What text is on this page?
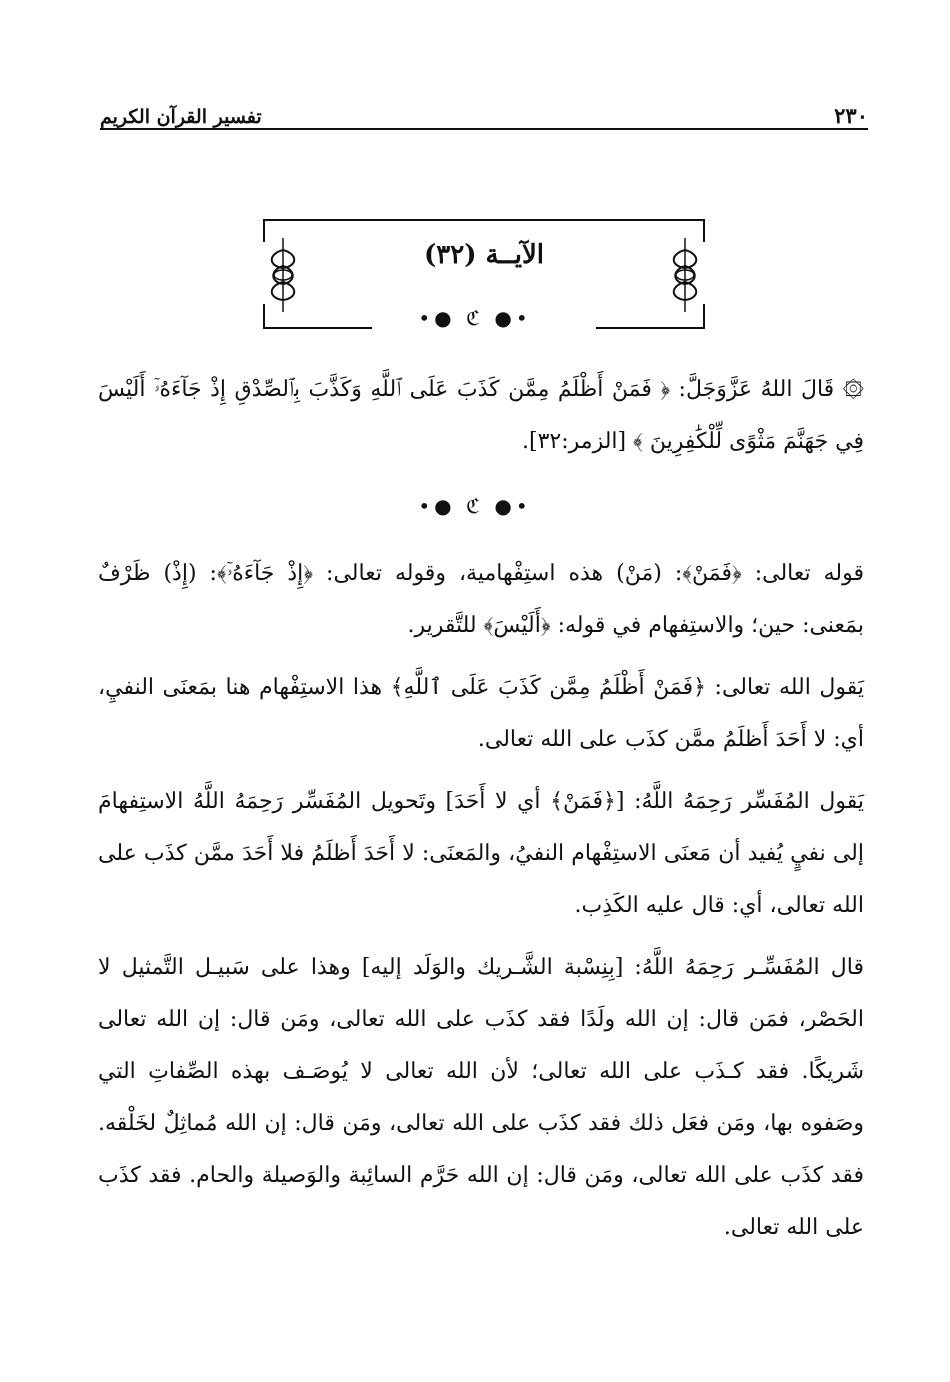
تفسير القرآن الكريم	٢٣٠
الآيــة (٣٢)
•● ℭ ●•

۞ قَالَ اللهُ عَزَّوَجَلَّ: ﴿ فَمَنْ أَظْلَمُ مِمَّن كَذَبَ عَلَى ٱللَّهِ وَكَذَّبَ بِٱلصِّدْقِ إِذْ جَآءَهُۥٓ أَلَيْسَ فِي جَهَنَّمَ مَثْوًى لِّلْكَٰفِرِينَ ﴾ [الزمر:٣٢].

•● ℭ ●•

قوله تعالى: ﴿فَمَنْ﴾: (مَنْ) هذه استِفْهامية، وقوله تعالى: ﴿إِذْ جَآءَهُۥٓ﴾: (إِذْ) ظَرْفٌ بمَعنى: حين؛ والاستِفهام في قوله: ﴿أَلَيْسَ﴾ للتَّقرير.

يَقول الله تعالى: ﴿فَمَنْ أَظْلَمُ مِمَّن كَذَبَ عَلَى ٱللَّهِ﴾ هذا الاستِفْهام هنا بمَعنَى النفيِ، أي: لا أَحَدَ أَظلَمُ ممَّن كذَب على الله تعالى.

يَقول المُفَسِّر رَحِمَهُ اللَّهُ: [﴿فَمَنْ﴾ أي لا أَحَدَ] وتَحويل المُفَسِّر رَحِمَهُ اللَّهُ الاستِفهامَ إلى نفيٍ يُفيد أن مَعنَى الاستِفْهام النفيُ، والمَعنَى: لا أَحَدَ أَظلَمُ فلا أَحَدَ ممَّن كذَب على الله تعالى، أي: قال عليه الكَذِب.

قال المُفَسِّـر رَحِمَهُ اللَّهُ: [بِنِسْبة الشَّـريك والوَلَد إليه] وهذا على سَبيـل التَّمثيل لا الحَصْر، فمَن قال: إن الله ولَدًا فقد كذَب على الله تعالى، ومَن قال: إن الله تعالى شَريكًا. فقد كـذَب على الله تعالى؛ لأن الله تعالى لا يُوصَـف بهذه الصِّفاتِ التي وصَفوه بها، ومَن فعَل ذلك فقد كذَب على الله تعالى، ومَن قال: إن الله مُماثِلٌ لخَلْقه. فقد كذَب على الله تعالى، ومَن قال: إن الله حَرَّم السائِبة والوَصيلة والحام. فقد كذَب على الله تعالى.
